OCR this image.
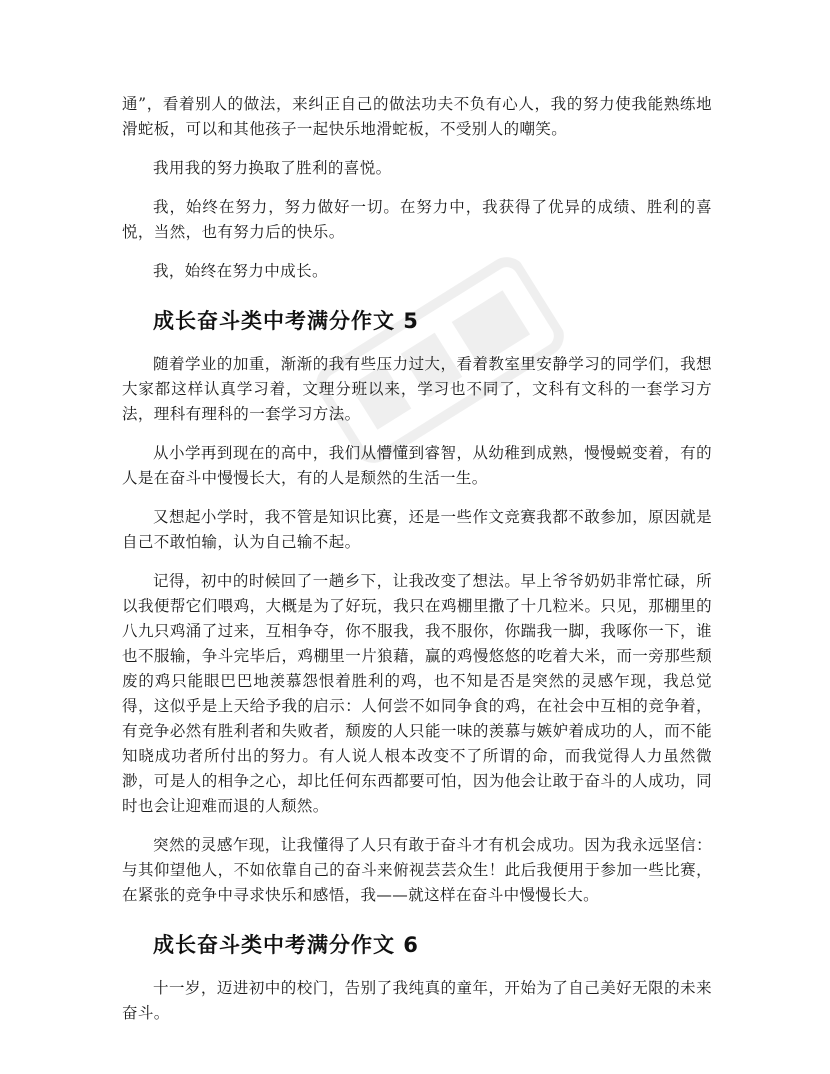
通”，看着别人的做法，来纠正自己的做法功夫不负有心人，我的努力使我能熟练地滑蛇板，可以和其他孩子一起快乐地滑蛇板，不受别人的嘲笑。

我用我的努力换取了胜利的喜悦。

我，始终在努力，努力做好一切。在努力中，我获得了优异的成绩、胜利的喜悦，当然，也有努力后的快乐。

我，始终在努力中成长。

成长奋斗类中考满分作文 5

随着学业的加重，渐渐的我有些压力过大，看着教室里安静学习的同学们，我想大家都这样认真学习着，文理分班以来，学习也不同了，文科有文科的一套学习方法，理科有理科的一套学习方法。

从小学再到现在的高中，我们从懵懂到睿智，从幼稚到成熟，慢慢蜕变着，有的人是在奋斗中慢慢长大，有的人是颓然的生活一生。

又想起小学时，我不管是知识比赛，还是一些作文竞赛我都不敢参加，原因就是自己不敢怕输，认为自己输不起。

记得，初中的时候回了一趟乡下，让我改变了想法。早上爷爷奶奶非常忙碌，所以我便帮它们喂鸡，大概是为了好玩，我只在鸡棚里撒了十几粒米。只见，那棚里的八九只鸡涌了过来，互相争夺，你不服我，我不服你，你踹我一脚，我啄你一下，谁也不服输，争斗完毕后，鸡棚里一片狼藉，赢的鸡慢悠悠的吃着大米，而一旁那些颓废的鸡只能眼巴巴地羡慕怨恨着胜利的鸡，也不知是否是突然的灵感乍现，我总觉得，这似乎是上天给予我的启示：人何尝不如同争食的鸡，在社会中互相的竞争着，有竞争必然有胜利者和失败者，颓废的人只能一味的羡慕与嫉妒着成功的人，而不能知晓成功者所付出的努力。有人说人根本改变不了所谓的命，而我觉得人力虽然微渺，可是人的相争之心，却比任何东西都要可怕，因为他会让敢于奋斗的人成功，同时也会让迎难而退的人颓然。

突然的灵感乍现，让我懂得了人只有敢于奋斗才有机会成功。因为我永远坚信：与其仰望他人，不如依靠自己的奋斗来俯视芸芸众生！此后我便用于参加一些比赛，在紧张的竞争中寻求快乐和感悟，我——就这样在奋斗中慢慢长大。

成长奋斗类中考满分作文 6

十一岁，迈进初中的校门，告别了我纯真的童年，开始为了自己美好无限的未来奋斗。
